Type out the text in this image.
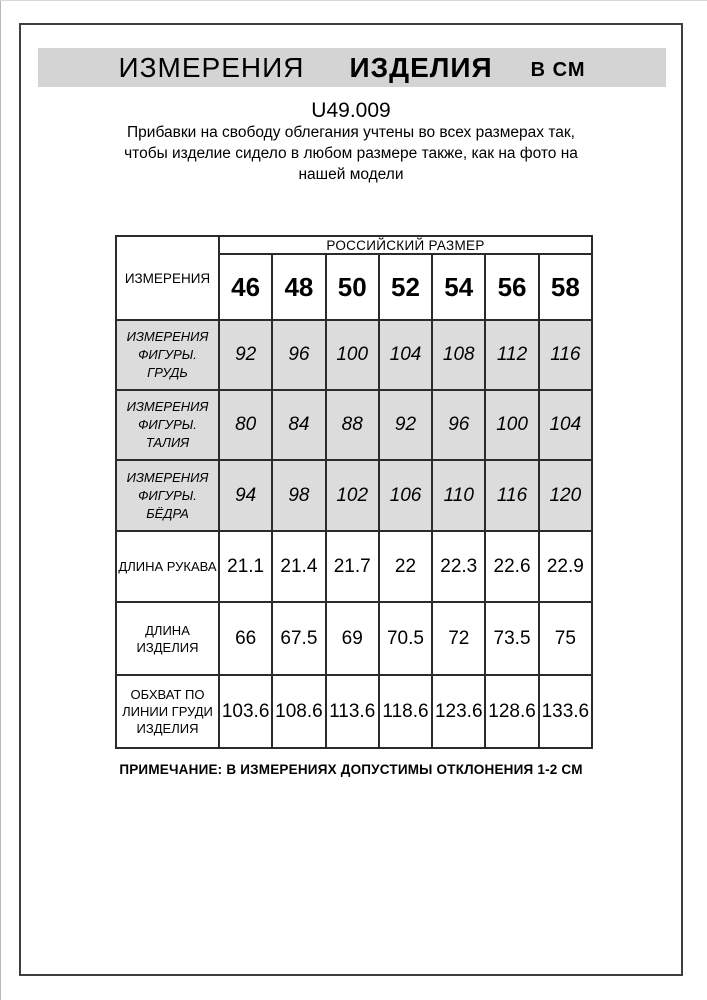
ИЗМЕРЕНИЯ ИЗДЕЛИЯ В СМ
U49.009
Прибавки на свободу облегания учтены во всех размерах так,
чтобы изделие сидело в любом размере также, как на фото на
нашей модели
ИЗМЕРЕНИЯ	РОССИЙСКИЙ РАЗМЕР						
	46	48	50	52	54	56	58
ИЗМЕРЕНИЯ
ФИГУРЫ. ГРУДЬ	92	96	100	104	108	112	116
ИЗМЕРЕНИЯ
ФИГУРЫ. ТАЛИЯ	80	84	88	92	96	100	104
ИЗМЕРЕНИЯ
ФИГУРЫ. БЁДРА	94	98	102	106	110	116	120
ДЛИНА РУКАВА	21.1	21.4	21.7	22	22.3	22.6	22.9
ДЛИНА ИЗДЕЛИЯ	66	67.5	69	70.5	72	73.5	75
ОБХВАТ ПО
ЛИНИИ ГРУДИ
ИЗДЕЛИЯ	103.6	108.6	113.6	118.6	123.6	128.6	133.6
ПРИМЕЧАНИЕ: В ИЗМЕРЕНИЯХ ДОПУСТИМЫ ОТКЛОНЕНИЯ 1-2 СМ
